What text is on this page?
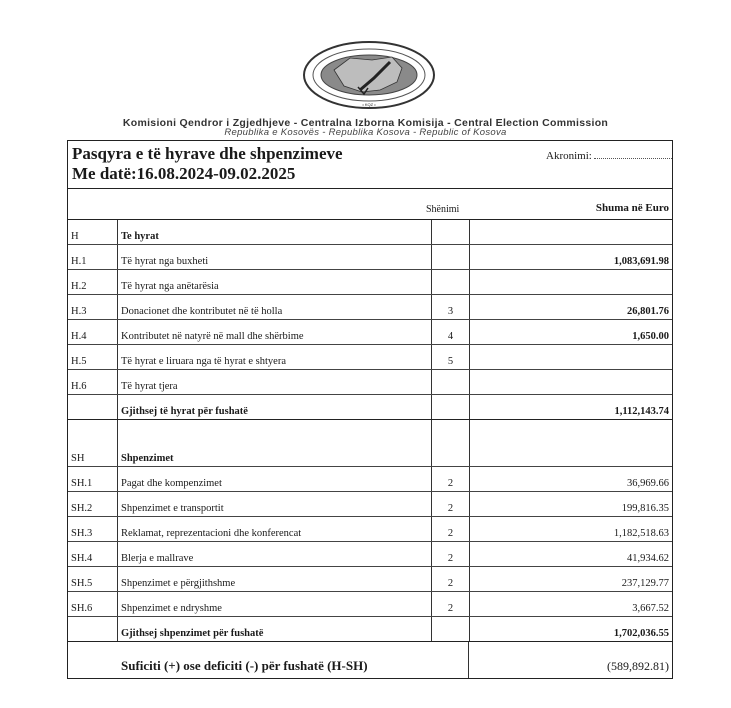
• KQZ •
Komisioni Qendror i Zgjedhjeve - Centralna Izborna Komisija - Central Election Commission
Republika e Kosovës - Republika Kosova - Republic of Kosova
Pasqyra e të hyrave dhe shpenzimeve
Me datë:16.08.2024-09.02.2025
Akronimi:
Shënimi	Shuma në Euro
H	Te hyrat		
H.1	Të hyrat nga buxheti		1,083,691.98
H.2	Të hyrat nga anëtarësia		
H.3	Donacionet dhe kontributet në të holla	3	26,801.76
H.4	Kontributet në natyrë në mall dhe shërbime	4	1,650.00
H.5	Të hyrat e liruara nga të hyrat e shtyera	5	
H.6	Të hyrat tjera		
	Gjithsej të hyrat për fushatë		1,112,143.74
SH	Shpenzimet		
SH.1	Pagat dhe kompenzimet	2	36,969.66
SH.2	Shpenzimet e transportit	2	199,816.35
SH.3	Reklamat, reprezentacioni dhe konferencat	2	1,182,518.63
SH.4	Blerja e mallrave	2	41,934.62
SH.5	Shpenzimet e përgjithshme	2	237,129.77
SH.6	Shpenzimet e ndryshme	2	3,667.52
	Gjithsej shpenzimet për fushatë		1,702,036.55
Suficiti (+) ose deficiti (-) për fushatë (H-SH)	(589,892.81)
